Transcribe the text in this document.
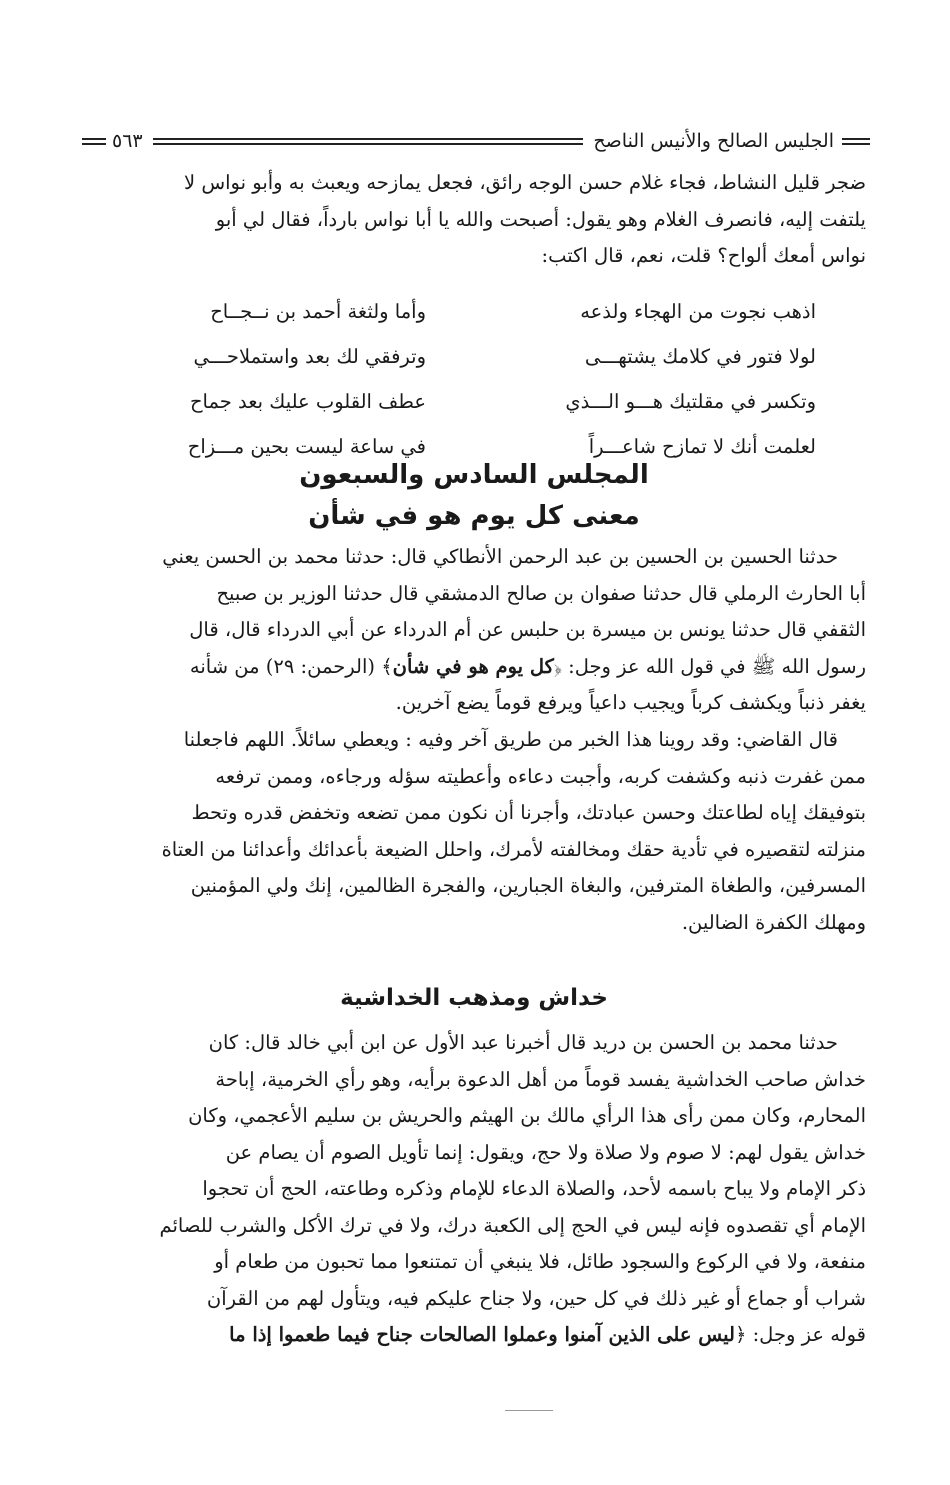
الجليس الصالح والأنيس الناصح
٥٦٣

ضجر قليل النشاط، فجاء غلام حسن الوجه رائق، فجعل يمازحه ويعبث به وأبو نواس لا

يلتفت إليه، فانصرف الغلام وهو يقول: أصبحت والله يا أبا نواس بارداً، فقال لي أبو

نواس أمعك ألواح؟ قلت، نعم، قال اكتب:

اذهب نجوت من الهجاء ولذعه
وأما ولثغة أحمد بن نــجــاح
لولا فتور في كلامك يشتهـــى
وترفقي لك بعد واستملاحـــي
وتكسر في مقلتيك هـــو الـــذي
عطف القلوب عليك بعد جماح
لعلمت أنك لا تمازح شاعـــراً
في ساعة ليست بحين مـــزاح
المجلس السادس والسبعون
معنى كل يوم هو في شأن

حدثنا الحسين بن الحسين بن عبد الرحمن الأنطاكي قال: حدثنا محمد بن الحسن يعني

أبا الحارث الرملي قال حدثنا صفوان بن صالح الدمشقي قال حدثنا الوزير بن صبيح

الثقفي قال حدثنا يونس بن ميسرة بن حلبس عن أم الدرداء عن أبي الدرداء قال، قال

رسول الله ﷺ في قول الله عز وجل: ﴿كل يوم هو في شأن﴾ (الرحمن: ٢٩) من شأنه

يغفر ذنباً ويكشف كرباً ويجيب داعياً ويرفع قوماً يضع آخرين.

قال القاضي: وقد روينا هذا الخبر من طريق آخر وفيه : ويعطي سائلاً. اللهم فاجعلنا

ممن غفرت ذنبه وكشفت كربه، وأجبت دعاءه وأعطيته سؤله ورجاءه، وممن ترفعه

بتوفيقك إياه لطاعتك وحسن عبادتك، وأجرنا أن نكون ممن تضعه وتخفض قدره وتحط

منزلته لتقصيره في تأدية حقك ومخالفته لأمرك، واحلل الضيعة بأعدائك وأعدائنا من العتاة

المسرفين، والطغاة المترفين، والبغاة الجبارين، والفجرة الظالمين، إنك ولي المؤمنين

ومهلك الكفرة الضالين.

خداش ومذهب الخداشية

حدثنا محمد بن الحسن بن دريد قال أخبرنا عبد الأول عن ابن أبي خالد قال: كان

خداش صاحب الخداشية يفسد قوماً من أهل الدعوة برأيه، وهو رأي الخرمية، إباحة

المحارم، وكان ممن رأى هذا الرأي مالك بن الهيثم والحريش بن سليم الأعجمي، وكان

خداش يقول لهم: لا صوم ولا صلاة ولا حج، ويقول: إنما تأويل الصوم أن يصام عن

ذكر الإمام ولا يباح باسمه لأحد، والصلاة الدعاء للإمام وذكره وطاعته، الحج أن تحجوا

الإمام أي تقصدوه فإنه ليس في الحج إلى الكعبة درك، ولا في ترك الأكل والشرب للصائم

منفعة، ولا في الركوع والسجود طائل، فلا ينبغي أن تمتنعوا مما تحبون من طعام أو

شراب أو جماع أو غير ذلك في كل حين، ولا جناح عليكم فيه، ويتأول لهم من القرآن

قوله عز وجل: ﴿ليس على الذين آمنوا وعملوا الصالحات جناح فيما طعموا إذا ما
